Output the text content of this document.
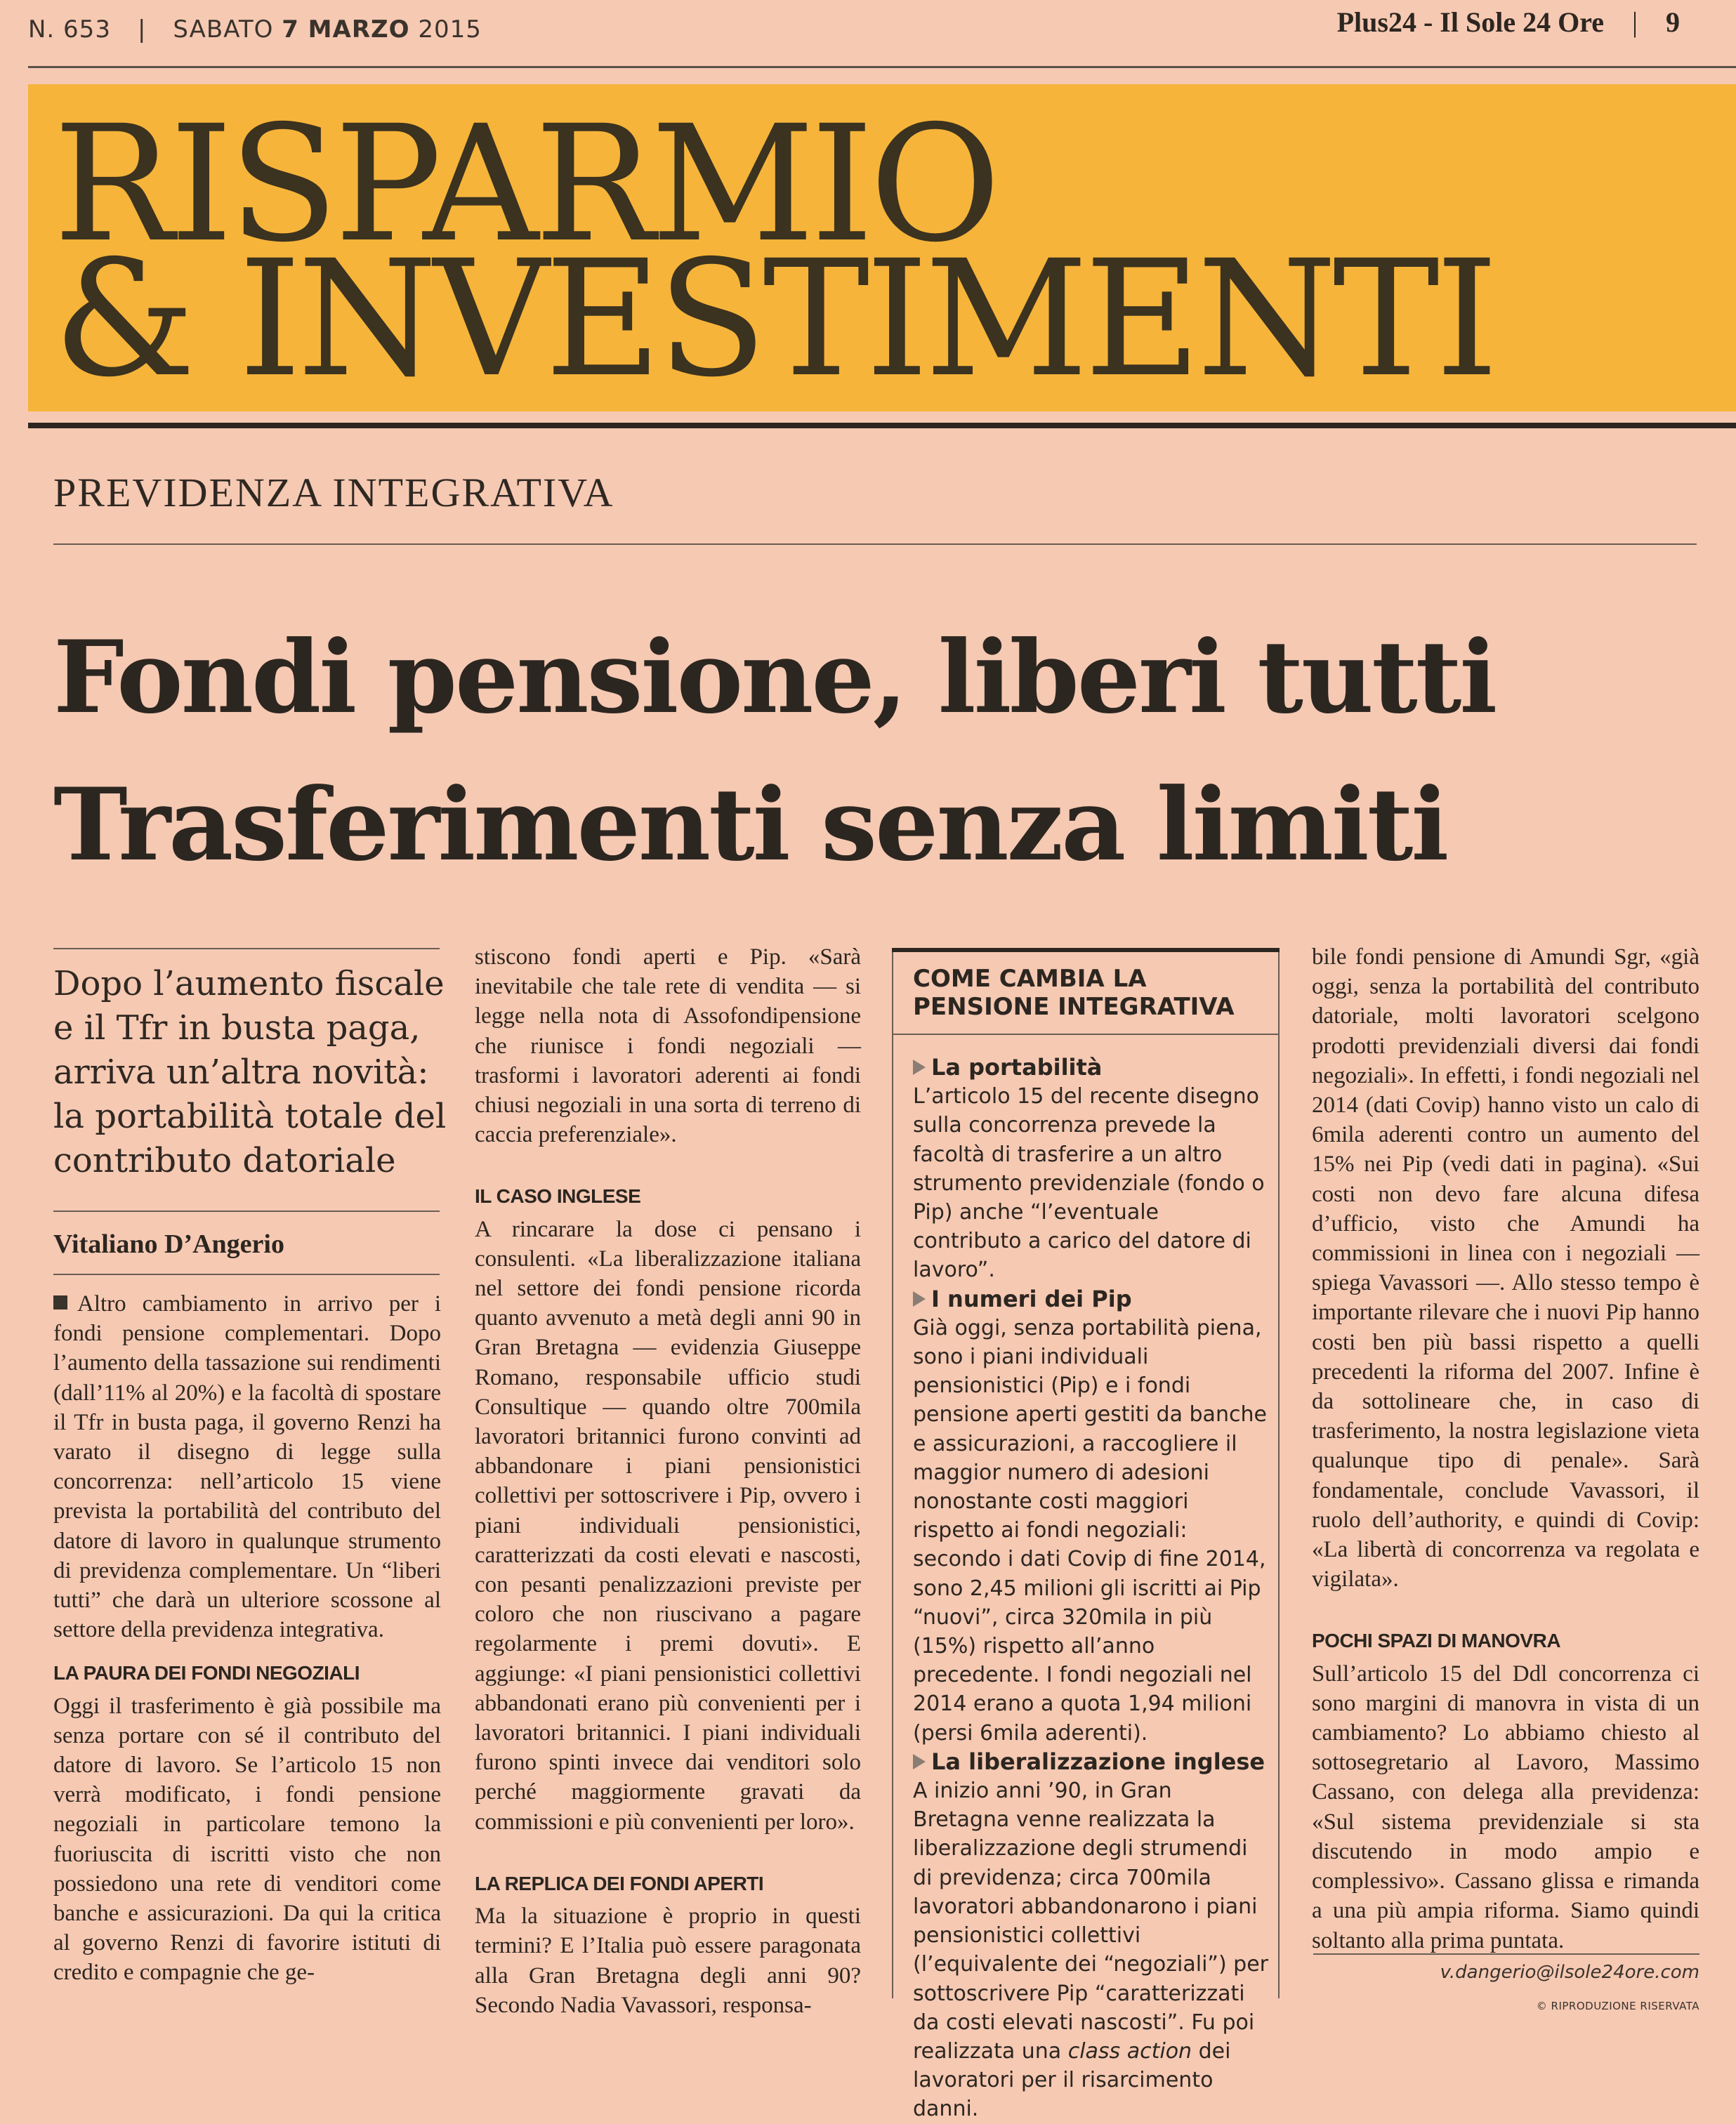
N. 653 | SABATO 7 MARZO 2015	Plus24 - Il Sole 24 Ore | 9
RISPARMIO
& INVESTIMENTI
PREVIDENZA INTEGRATIVA
Fondi pensione, liberi tutti
Trasferimenti senza limiti
Dopo l’aumento fiscale e il Tfr in busta paga, arriva un’altra novità: la portabilità totale del contributo datoriale
Vitaliano D’Angerio

Altro cambiamento in arrivo per i fondi pensione complementari. Dopo l’aumento della tassazione sui rendimenti (dall’11% al 20%) e la facoltà di spostare il Tfr in busta paga, il governo Renzi ha varato il disegno di legge sulla concorrenza: nell’articolo 15 viene prevista la portabilità del contributo del datore di lavoro in qualunque strumento di previdenza complementare. Un “liberi tutti” che darà un ulteriore scossone al settore della previdenza integrativa.

LA PAURA DEI FONDI NEGOZIALI

Oggi il trasferimento è già possibile ma senza portare con sé il contributo del datore di lavoro. Se l’articolo 15 non verrà modificato, i fondi pensione negoziali in particolare temono la fuoriuscita di iscritti visto che non possiedono una rete di venditori come banche e assicurazioni. Da qui la critica al governo Renzi di favorire istituti di credito e compagnie che ge-

stiscono fondi aperti e Pip. «Sarà inevitabile che tale rete di vendita — si legge nella nota di Assofondipensione che riunisce i fondi negoziali — trasformi i lavoratori aderenti ai fondi chiusi negoziali in una sorta di terreno di caccia preferenziale».

IL CASO INGLESE

A rincarare la dose ci pensano i consulenti. «La liberalizzazione italiana nel settore dei fondi pensione ricorda quanto avvenuto a metà degli anni 90 in Gran Bretagna — evidenzia Giuseppe Romano, responsabile ufficio studi Consultique — quando oltre 700mila lavoratori britannici furono convinti ad abbandonare i piani pensionistici collettivi per sottoscrivere i Pip, ovvero i piani individuali pensionistici, caratterizzati da costi elevati e nascosti, con pesanti penalizzazioni previste per coloro che non riuscivano a pagare regolarmente i premi dovuti». E aggiunge: «I piani pensionistici collettivi abbandonati erano più convenienti per i lavoratori britannici. I piani individuali furono spinti invece dai venditori solo perché maggiormente gravati da commissioni e più convenienti per loro».

LA REPLICA DEI FONDI APERTI

Ma la situazione è proprio in questi termini? E l’Italia può essere paragonata alla Gran Bretagna degli anni 90? Secondo Nadia Vavassori, responsa-

COME CAMBIA LA PENSIONE INTEGRATIVA

La portabilità

L’articolo 15 del recente disegno sulla concorrenza prevede la facoltà di trasferire a un altro strumento previdenziale (fondo o Pip) anche “l’eventuale contributo a carico del datore di lavoro”.

I numeri dei Pip

Già oggi, senza portabilità piena, sono i piani individuali pensionistici (Pip) e i fondi pensione aperti gestiti da banche e assicurazioni, a raccogliere il maggior numero di adesioni nonostante costi maggiori rispetto ai fondi negoziali: secondo i dati Covip di fine 2014, sono 2,45 milioni gli iscritti ai Pip “nuovi”, circa 320mila in più (15%) rispetto all’anno precedente. I fondi negoziali nel 2014 erano a quota 1,94 milioni (persi 6mila aderenti).

La liberalizzazione inglese

A inizio anni ’90, in Gran Bretagna venne realizzata la liberalizzazione degli strumendi di previdenza; circa 700mila lavoratori abbandonarono i piani pensionistici collettivi (l’equivalente dei “negoziali”) per sottoscrivere Pip “caratterizzati da costi elevati nascosti”. Fu poi realizzata una class action dei lavoratori per il risarcimento danni.

bile fondi pensione di Amundi Sgr, «già oggi, senza la portabilità del contributo datoriale, molti lavoratori scelgono prodotti previdenziali diversi dai fondi negoziali». In effetti, i fondi negoziali nel 2014 (dati Covip) hanno visto un calo di 6mila aderenti contro un aumento del 15% nei Pip (vedi dati in pagina). «Sui costi non devo fare alcuna difesa d’ufficio, visto che Amundi ha commissioni in linea con i negoziali — spiega Vavassori —. Allo stesso tempo è importante rilevare che i nuovi Pip hanno costi ben più bassi rispetto a quelli precedenti la riforma del 2007. Infine è da sottolineare che, in caso di trasferimento, la nostra legislazione vieta qualunque tipo di penale». Sarà fondamentale, conclude Vavassori, il ruolo dell’authority, e quindi di Covip: «La libertà di concorrenza va regolata e vigilata».

POCHI SPAZI DI MANOVRA

Sull’articolo 15 del Ddl concorrenza ci sono margini di manovra in vista di un cambiamento? Lo abbiamo chiesto al sottosegretario al Lavoro, Massimo Cassano, con delega alla previdenza: «Sul sistema previdenziale si sta discutendo in modo ampio e complessivo». Cassano glissa e rimanda a una più ampia riforma. Siamo quindi soltanto alla prima puntata.

v.dangerio@ilsole24ore.com
© RIPRODUZIONE RISERVATA
